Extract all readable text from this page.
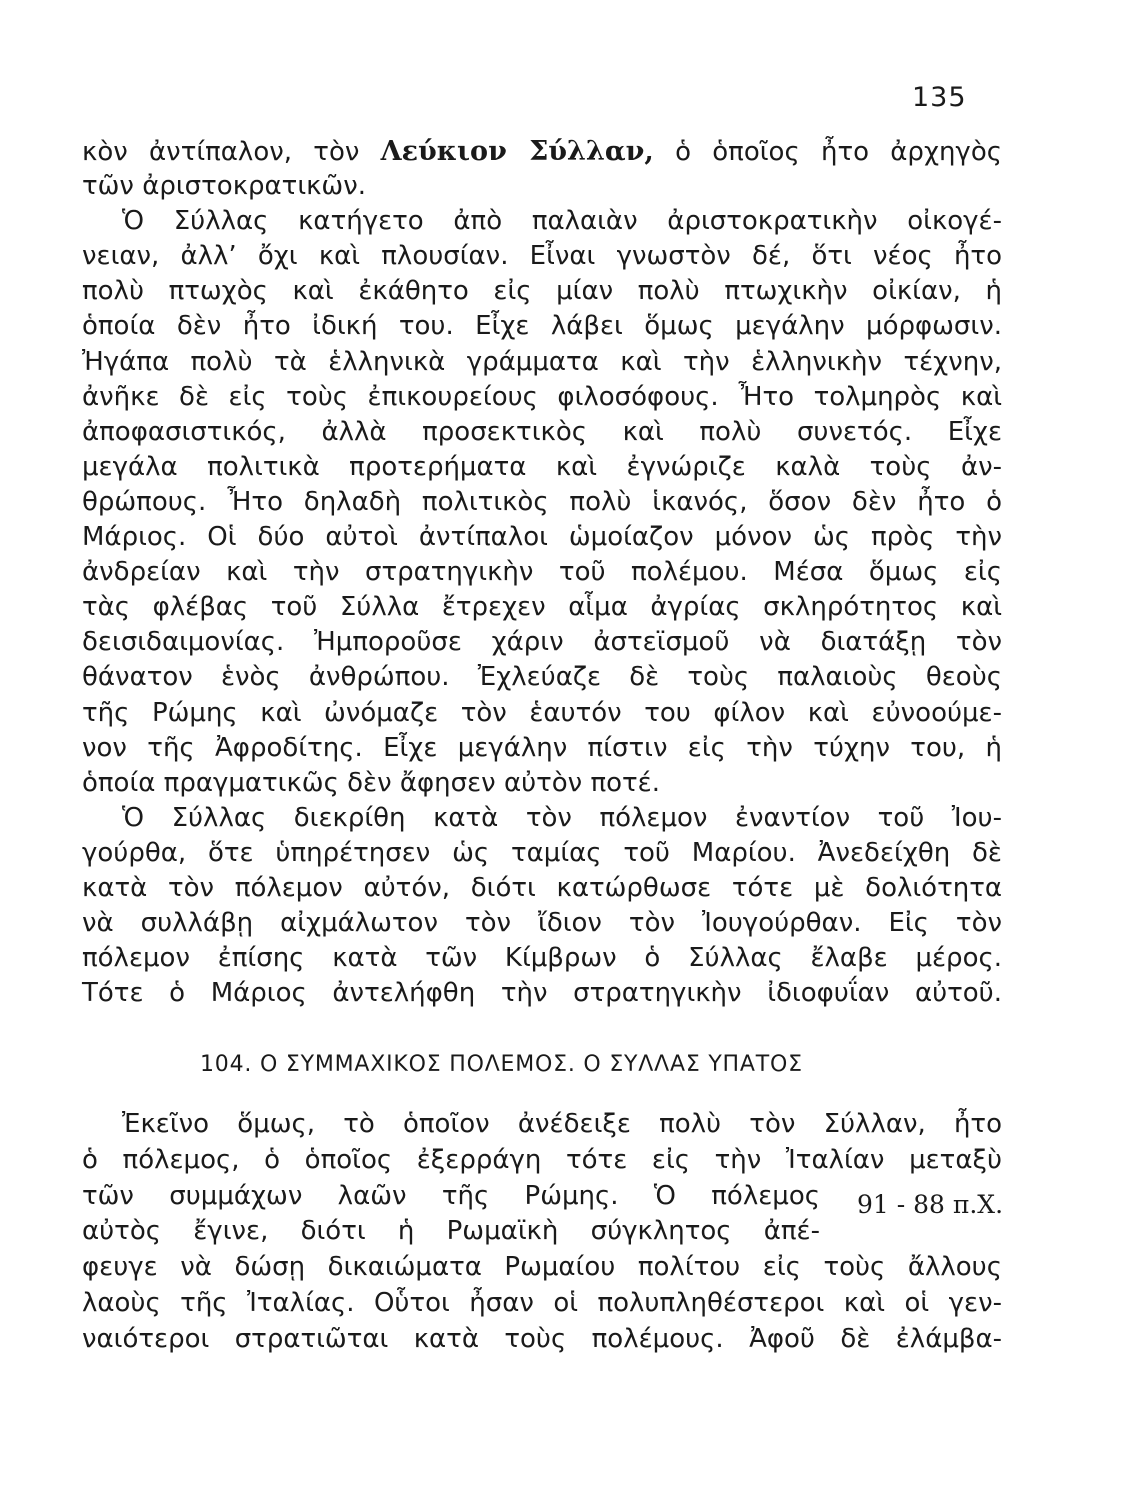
135
κὸν ἀντίπαλον, τὸν Λεύκιον Σύλλαν, ὁ ὁποῖος ἦτο ἀρχηγὸς
τῶν ἀριστοκρατικῶν.
Ὁ Σύλλας κατήγετο ἀπὸ παλαιὰν ἀριστοκρατικὴν οἰκογέ-
νειαν, ἀλλ’ ὄχι καὶ πλουσίαν. Εἶναι γνωστὸν δέ, ὅτι νέος ἦτο
πολὺ πτωχὸς καὶ ἐκάθητο εἰς μίαν πολὺ πτωχικὴν οἰκίαν, ἡ
ὁποία δὲν ἦτο ἰδική του. Εἶχε λάβει ὅμως μεγάλην μόρφωσιν.
Ἠγάπα πολὺ τὰ ἑλληνικὰ γράμματα καὶ τὴν ἑλληνικὴν τέχνην,
ἀνῆκε δὲ εἰς τοὺς ἐπικουρείους φιλοσόφους. Ἦτο τολμηρὸς καὶ
ἀποφασιστικός, ἀλλὰ προσεκτικὸς καὶ πολὺ συνετός. Εἶχε
μεγάλα πολιτικὰ προτερήματα καὶ ἐγνώριζε καλὰ τοὺς ἀν-
θρώπους. Ἦτο δηλαδὴ πολιτικὸς πολὺ ἱκανός, ὅσον δὲν ἦτο ὁ
Μάριος. Οἱ δύο αὐτοὶ ἀντίπαλοι ὡμοίαζον μόνον ὡς πρὸς τὴν
ἀνδρείαν καὶ τὴν στρατηγικὴν τοῦ πολέμου. Μέσα ὅμως εἰς
τὰς φλέβας τοῦ Σύλλα ἔτρεχεν αἷμα ἀγρίας σκληρότητος καὶ
δεισιδαιμονίας. Ἠμποροῦσε χάριν ἀστεϊσμοῦ νὰ διατάξῃ τὸν
θάνατον ἑνὸς ἀνθρώπου. Ἐχλεύαζε δὲ τοὺς παλαιοὺς θεοὺς
τῆς Ρώμης καὶ ὠνόμαζε τὸν ἑαυτόν του φίλον καὶ εὐνοούμε-
νον τῆς Ἀφροδίτης. Εἶχε μεγάλην πίστιν εἰς τὴν τύχην του, ἡ
ὁποία πραγματικῶς δὲν ἄφησεν αὐτὸν ποτέ.
Ὁ Σύλλας διεκρίθη κατὰ τὸν πόλεμον ἐναντίον τοῦ Ἰου-
γούρθα, ὅτε ὑπηρέτησεν ὡς ταμίας τοῦ Μαρίου. Ἀνεδείχθη δὲ
κατὰ τὸν πόλεμον αὐτόν, διότι κατώρθωσε τότε μὲ δολιότητα
νὰ συλλάβῃ αἰχμάλωτον τὸν ἴδιον τὸν Ἰουγούρθαν. Εἰς τὸν
πόλεμον ἐπίσης κατὰ τῶν Κίμβρων ὁ Σύλλας ἔλαβε μέρος.
Τότε ὁ Μάριος ἀντελήφθη τὴν στρατηγικὴν ἰδιοφυΐαν αὐτοῦ.
104. Ο ΣΥΜΜΑΧΙΚΟΣ ΠΟΛΕΜΟΣ. Ο ΣΥΛΛΑΣ ΥΠΑΤΟΣ
Ἐκεῖνο ὅμως, τὸ ὁποῖον ἀνέδειξε πολὺ τὸν Σύλλαν, ἦτο
ὁ πόλεμος, ὁ ὁποῖος ἐξερράγη τότε εἰς τὴν Ἰταλίαν μεταξὺ
τῶν συμμάχων λαῶν τῆς Ρώμης. Ὁ πόλεμος
αὐτὸς ἔγινε, διότι ἡ Ρωμαϊκὴ σύγκλητος ἀπέ-
φευγε νὰ δώσῃ δικαιώματα Ρωμαίου πολίτου εἰς τοὺς ἄλλους
λαοὺς τῆς Ἰταλίας. Οὗτοι ἦσαν οἱ πολυπληθέστεροι καὶ οἱ γεν-
ναιότεροι στρατιῶται κατὰ τοὺς πολέμους. Ἀφοῦ δὲ ἐλάμβα-
91 - 88 π.Χ.
